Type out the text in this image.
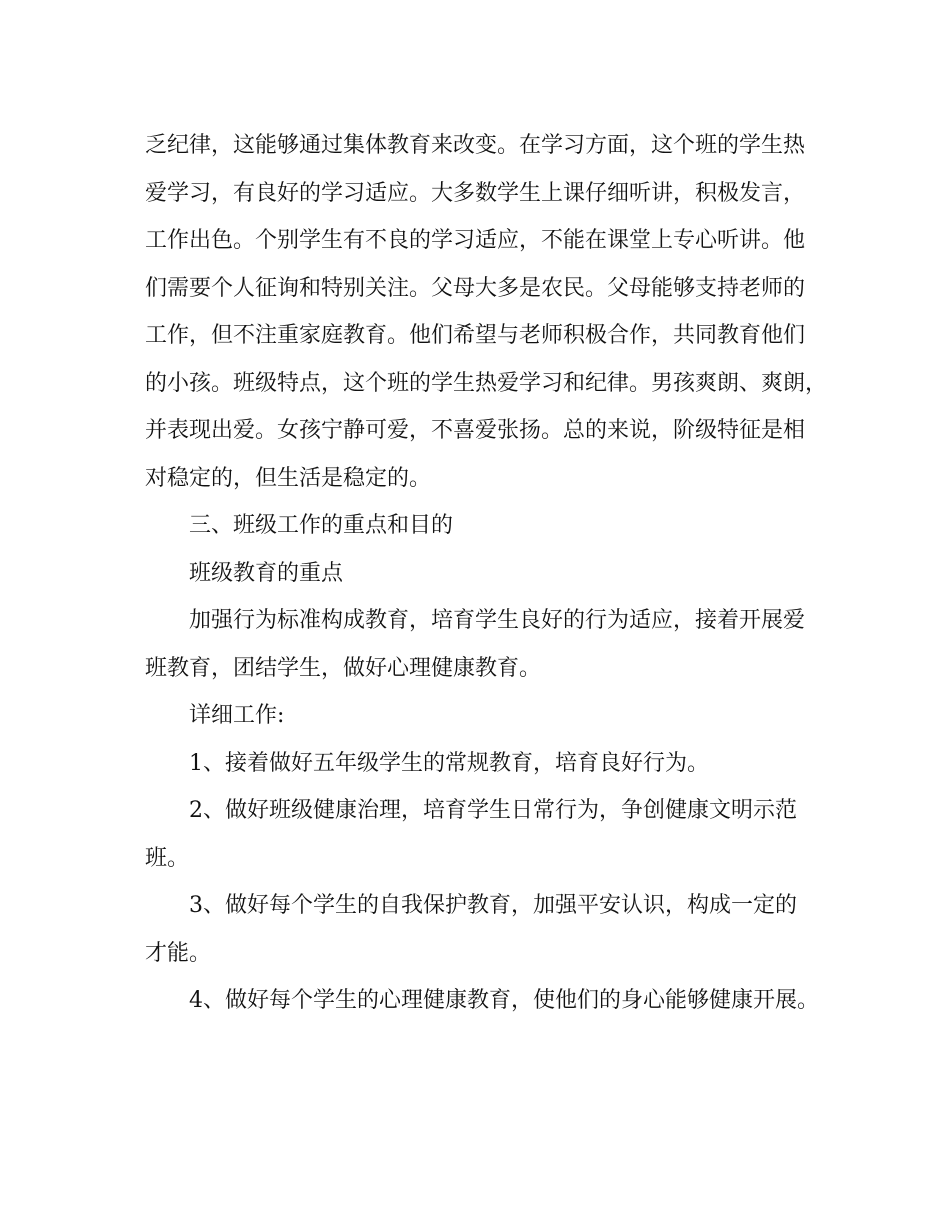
乏纪律，这能够通过集体教育来改变。在学习方面，这个班的学生热
爱学习，有良好的学习适应。大多数学生上课仔细听讲，积极发言，
工作出色。个别学生有不良的学习适应，不能在课堂上专心听讲。他
们需要个人征询和特别关注。父母大多是农民。父母能够支持老师的
工作，但不注重家庭教育。他们希望与老师积极合作，共同教育他们
的小孩。班级特点，这个班的学生热爱学习和纪律。男孩爽朗、爽朗，
并表现出爱。女孩宁静可爱，不喜爱张扬。总的来说，阶级特征是相
对稳定的，但生活是稳定的。
三、班级工作的重点和目的
班级教育的重点
加强行为标准构成教育，培育学生良好的行为适应，接着开展爱
班教育，团结学生，做好心理健康教育。
详细工作:
1、接着做好五年级学生的常规教育，培育良好行为。
2、做好班级健康治理，培育学生日常行为，争创健康文明示范
班。
3、做好每个学生的自我保护教育，加强平安认识，构成一定的
才能。
4、做好每个学生的心理健康教育，使他们的身心能够健康开展。
